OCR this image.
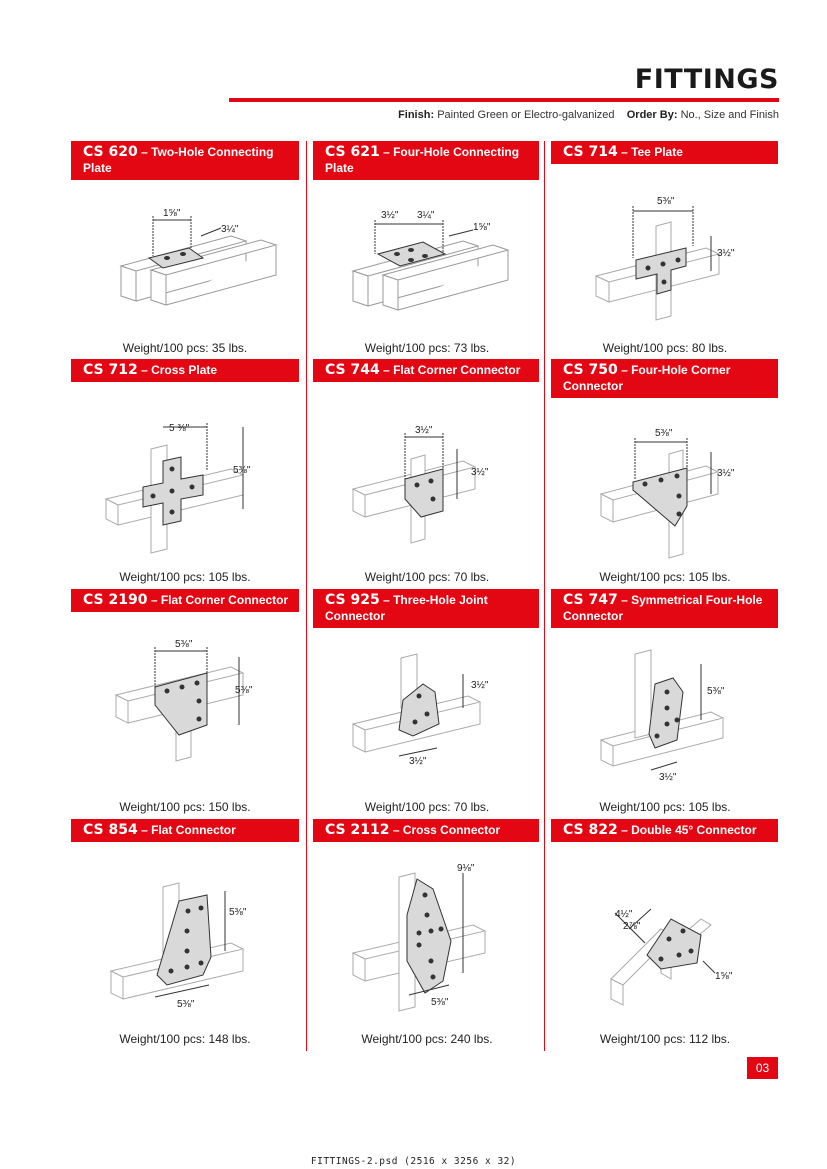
FITTINGS
Finish: Painted Green or Electro-galvanized Order By: No., Size and Finish
CS 620 – Two-Hole Connecting Plate
1⅝"
3¼"
Weight/100 pcs: 35 lbs.
CS 621 – Four-Hole Connecting Plate
3½" 3¼"
1⅝"
Weight/100 pcs: 73 lbs.
CS 714 – Tee Plate
5⅜"
3½"
Weight/100 pcs: 80 lbs.
CS 712 – Cross Plate
5 ⅜"
5⅜"
Weight/100 pcs: 105 lbs.
CS 744 – Flat Corner Connector
3½"
3½"
Weight/100 pcs: 70 lbs.
CS 750 – Four-Hole Corner Connector
5⅜"
3½"
Weight/100 pcs: 105 lbs.
CS 2190 – Flat Corner Connector
5⅜"
5⅜"
Weight/100 pcs: 150 lbs.
CS 925 – Three-Hole Joint Connector
3½"
3½"
Weight/100 pcs: 70 lbs.
CS 747 – Symmetrical Four-Hole Connector
5⅜"
3½"
Weight/100 pcs: 105 lbs.
CS 854 – Flat Connector
5⅜"
5⅜"
Weight/100 pcs: 148 lbs.
CS 2112 – Cross Connector
9⅛"
5⅜"
Weight/100 pcs: 240 lbs.
CS 822 – Double 45° Connector
4½"
2⅞"
1⅝"
Weight/100 pcs: 112 lbs.
03
FITTINGS-2.psd (2516 x 3256 x 32)
